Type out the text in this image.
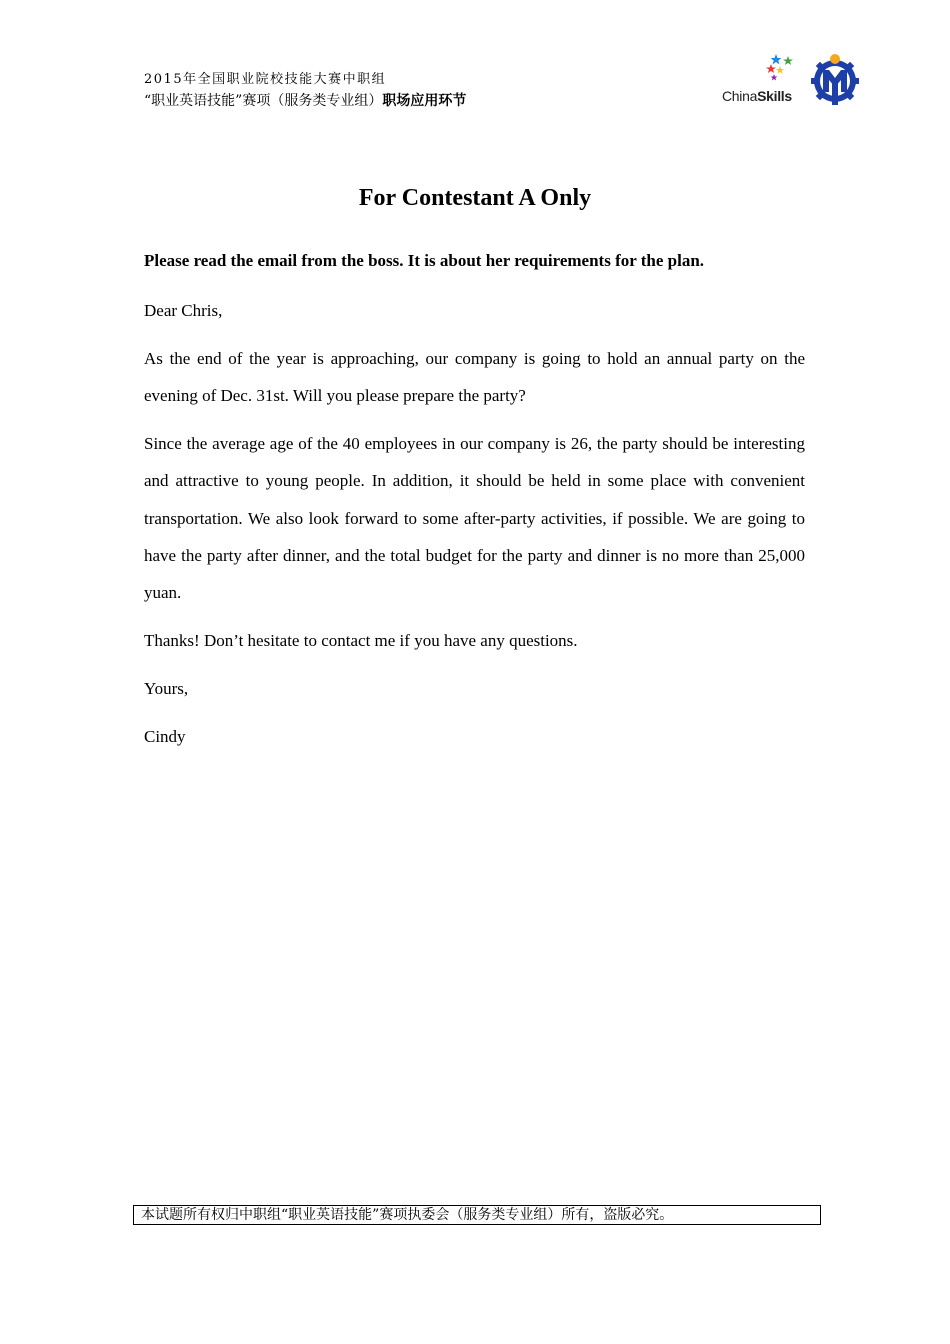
2015年全国职业院校技能大赛中职组
“职业英语技能”赛项（服务类专业组）职场应用环节	ChinaSkills
For Contestant A Only
Please read the email from the boss. It is about her requirements for the plan.
Dear Chris,
As the end of the year is approaching, our company is going to hold an annual party on the evening of Dec. 31st. Will you please prepare the party?
Since the average age of the 40 employees in our company is 26, the party should be interesting and attractive to young people. In addition, it should be held in some place with convenient transportation. We also look forward to some after-party activities, if possible. We are going to have the party after dinner, and the total budget for the party and dinner is no more than 25,000 yuan.
Thanks! Don’t hesitate to contact me if you have any questions.
Yours,
Cindy
本试题所有权归中职组“职业英语技能”赛项执委会（服务类专业组）所有，盗版必究。
